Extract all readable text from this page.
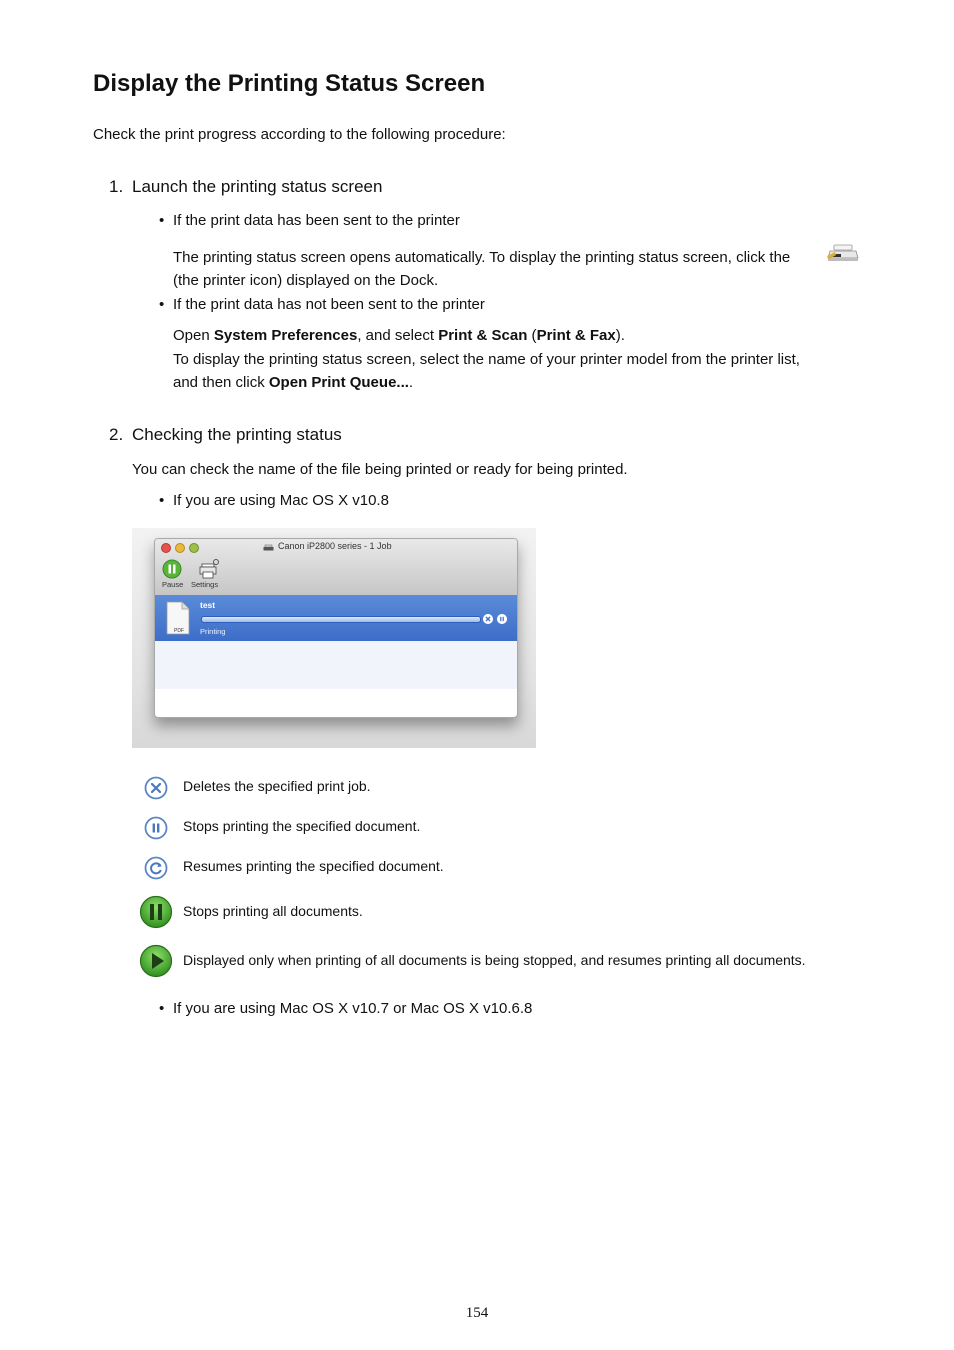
Display the Printing Status Screen
Check the print progress according to the following procedure:
1. Launch the printing status screen
• If the print data has been sent to the printer
The printing status screen opens automatically. To display the printing status screen, click the
(the printer icon) displayed on the Dock.
• If the print data has not been sent to the printer
Open System Preferences, and select Print & Scan (Print & Fax).
To display the printing status screen, select the name of your printer model from the printer list,
and then click Open Print Queue....
2. Checking the printing status
You can check the name of the file being printed or ready for being printed.
• If you are using Mac OS X v10.8
Canon iP2800 series - 1 Job
Pause Settings
PDF
test
Printing
Deletes the specified print job.
Stops printing the specified document.
Resumes printing the specified document.
Stops printing all documents.
Displayed only when printing of all documents is being stopped, and resumes printing all documents.
• If you are using Mac OS X v10.7 or Mac OS X v10.6.8
154
